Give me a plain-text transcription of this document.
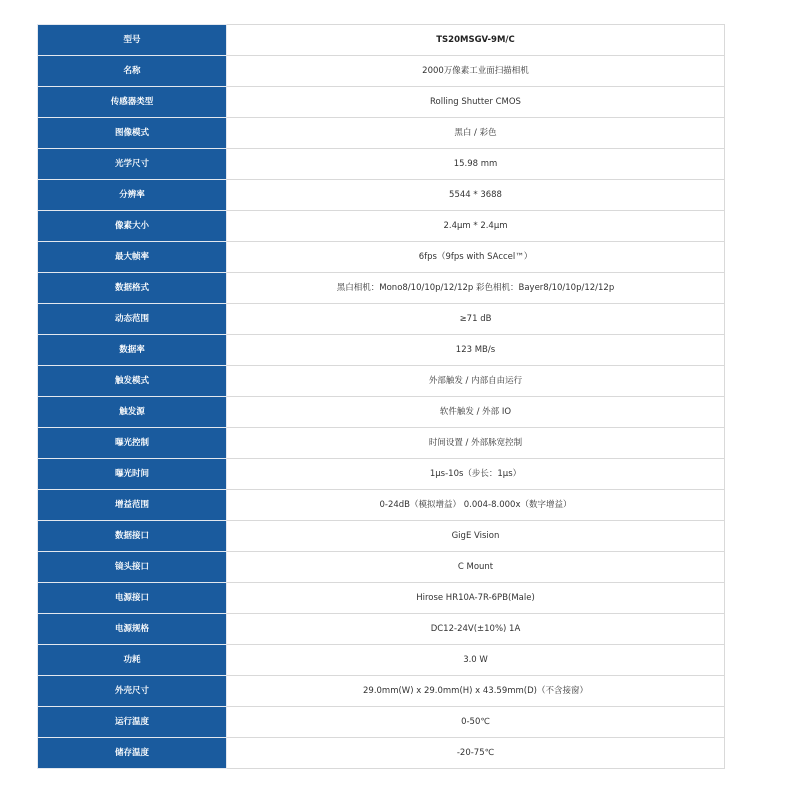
型号	TS20MSGV-9M/C
名称	2000万像素工业面扫描相机
传感器类型	Rolling Shutter CMOS
图像模式	黑白 / 彩色
光学尺寸	15.98 mm
分辨率	5544 * 3688
像素大小	2.4μm * 2.4μm
最大帧率	6fps（9fps with SAccel™）
数据格式	黑白相机：Mono8/10/10p/12/12p 彩色相机：Bayer8/10/10p/12/12p
动态范围	≥71 dB
数据率	123 MB/s
触发模式	外部触发 / 内部自由运行
触发源	软件触发 / 外部 IO
曝光控制	时间设置 / 外部脉宽控制
曝光时间	1μs-10s（步长：1μs）
增益范围	0-24dB（模拟增益） 0.004-8.000x（数字增益）
数据接口	GigE Vision
镜头接口	C Mount
电源接口	Hirose HR10A-7R-6PB(Male)
电源规格	DC12-24V(±10%) 1A
功耗	3.0 W
外壳尺寸	29.0mm(W) x 29.0mm(H) x 43.59mm(D)（不含接窗）
运行温度	0-50℃
储存温度	-20-75℃
